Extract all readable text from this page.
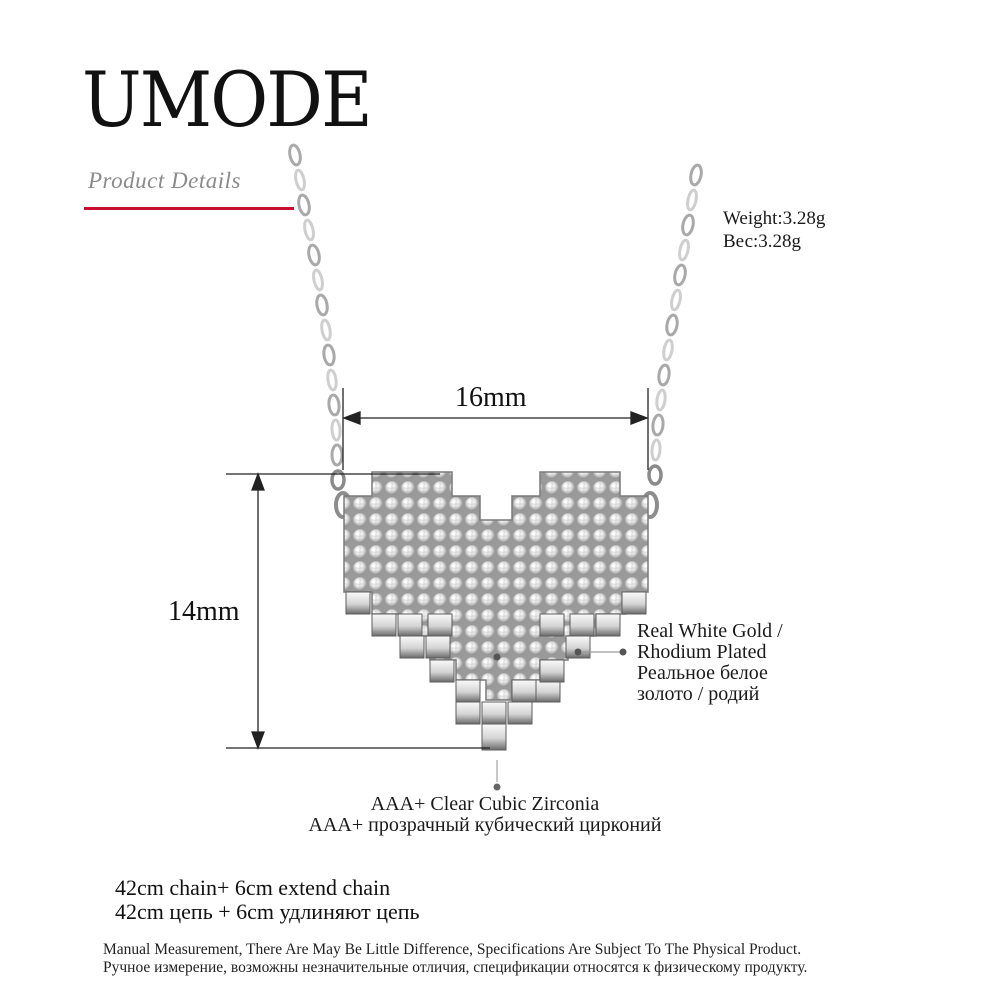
UMODE
Product Details
Weight:3.28g
Вес:3.28g
16mm
14mm
Real White Gold /
Rhodium Plated
Реальное белое
золото / родий
AAA+ Clear Cubic Zirconia
AAA+ прозрачный кубический цирконий
42cm chain+ 6cm extend chain
42cm цепь + 6cm удлиняют цепь
Manual Measurement, There Are May Be Little Difference, Specifications Are Subject To The Physical Product.
Ручное измерение, возможны незначительные отличия, спецификации относятся к физическому продукту.
